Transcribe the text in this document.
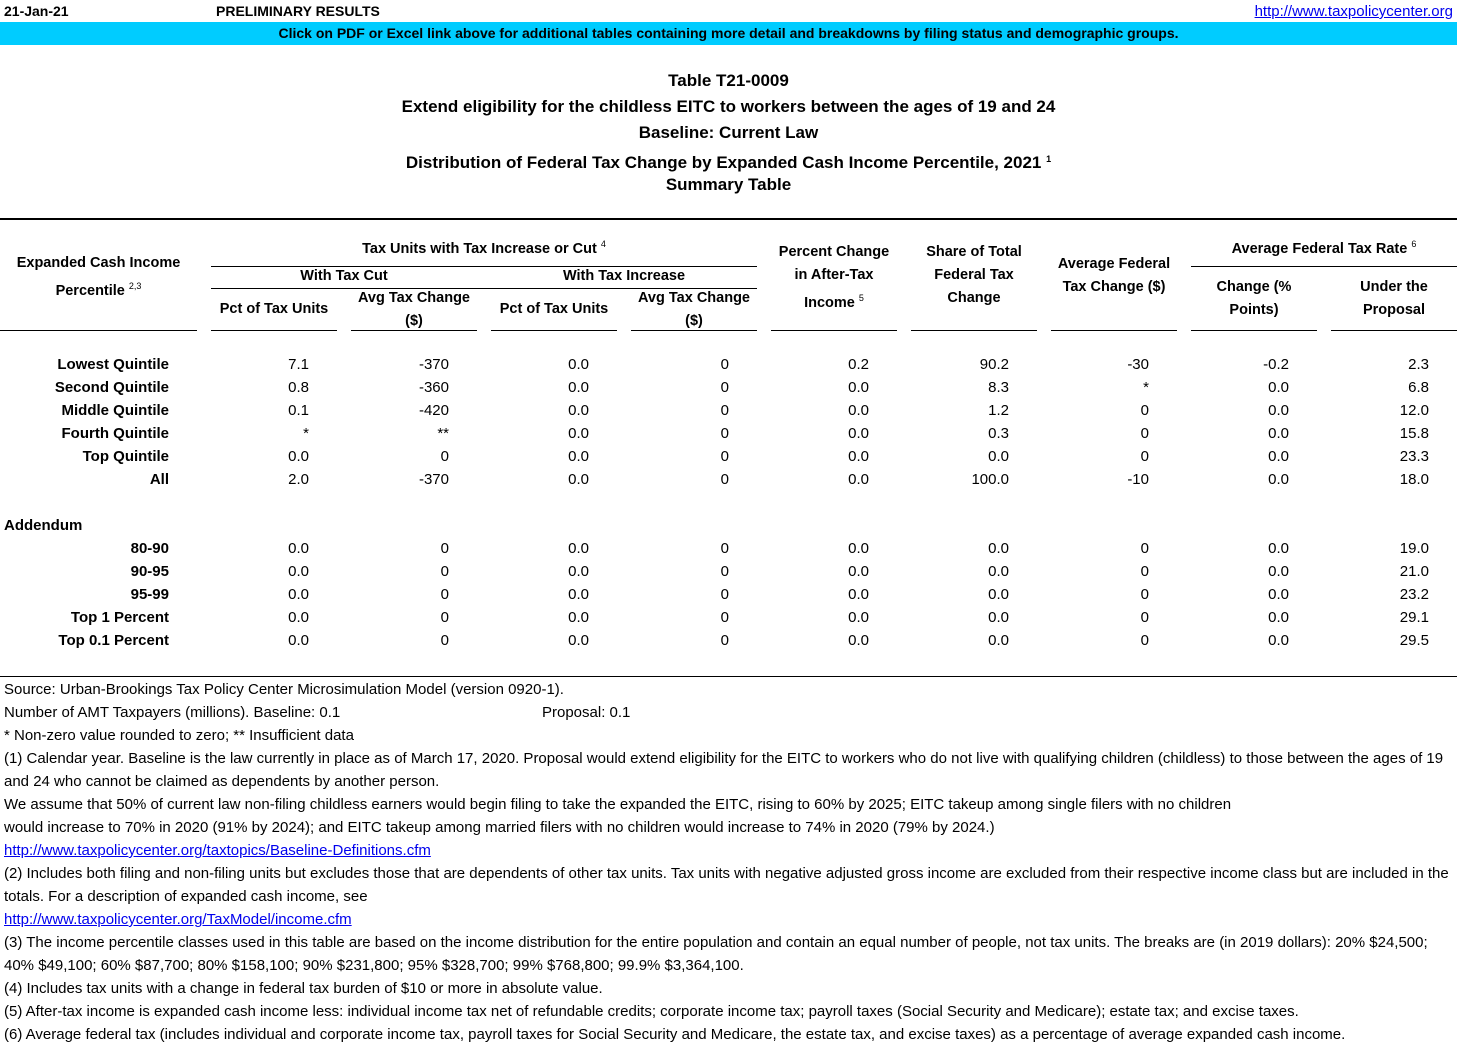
21-Jan-21	PRELIMINARY RESULTS	http://www.taxpolicycenter.org
Click on PDF or Excel link above for additional tables containing more detail and breakdowns by filing status and demographic groups.
Table T21-0009
Extend eligibility for the childless EITC to workers between the ages of 19 and 24
Baseline: Current Law
Distribution of Federal Tax Change by Expanded Cash Income Percentile, 2021 $^1$
Summary Table
Expanded Cash Income
Percentile $^{2,3}$
Tax Units with Tax Increase or Cut $^4$
With Tax Cut	With Tax Increase
Pct of Tax Units
Avg Tax Change
($)
Pct of Tax Units
Avg Tax Change
($)
Percent Change
in After-Tax
Income $^5$
Share of Total
Federal Tax
Change
Average Federal
Tax Change ($)
Average Federal Tax Rate $^6$
Change (%
Points)
Under the
Proposal
Lowest Quintile	7.1	-370	0.0	0	0.2	90.2	-30	-0.2	2.3
Second Quintile	0.8	-360	0.0	0	0.0	8.3	*	0.0	6.8
Middle Quintile	0.1	-420	0.0	0	0.0	1.2	0	0.0	12.0
Fourth Quintile	*	**	0.0	0	0.0	0.3	0	0.0	15.8
Top Quintile	0.0	0	0.0	0	0.0	0.0	0	0.0	23.3
All	2.0	-370	0.0	0	0.0	100.0	-10	0.0	18.0
80-90	0.0	0	0.0	0	0.0	0.0	0	0.0	19.0
90-95	0.0	0	0.0	0	0.0	0.0	0	0.0	21.0
95-99	0.0	0	0.0	0	0.0	0.0	0	0.0	23.2
Top 1 Percent	0.0	0	0.0	0	0.0	0.0	0	0.0	29.1
Top 0.1 Percent	0.0	0	0.0	0	0.0	0.0	0	0.0	29.5
Addendum
Source: Urban-Brookings Tax Policy Center Microsimulation Model (version 0920-1).
Number of AMT Taxpayers (millions). Baseline: 0.1	Proposal: 0.1
* Non-zero value rounded to zero; ** Insufficient data
(1) Calendar year. Baseline is the law currently in place as of March 17, 2020. Proposal would extend eligibility for the EITC to workers who do not live with qualifying children (childless) to those between the ages of 19 and 24 who cannot be claimed as dependents by another person.
We assume that 50% of current law non-filing childless earners would begin filing to take the expanded the EITC, rising to 60% by 2025; EITC takeup among single filers with no children
would increase to 70% in 2020 (91% by 2024); and EITC takeup among married filers with no children would increase to 74% in 2020 (79% by 2024.)
http://www.taxpolicycenter.org/taxtopics/Baseline-Definitions.cfm
(2) Includes both filing and non-filing units but excludes those that are dependents of other tax units. Tax units with negative adjusted gross income are excluded from their respective income class but are included in the totals. For a description of expanded cash income, see
http://www.taxpolicycenter.org/TaxModel/income.cfm
(3) The income percentile classes used in this table are based on the income distribution for the entire population and contain an equal number of people, not tax units. The breaks are (in 2019 dollars): 20% $24,500; 40% $49,100; 60% $87,700; 80% $158,100; 90% $231,800; 95% $328,700; 99% $768,800; 99.9% $3,364,100.
(4) Includes tax units with a change in federal tax burden of $10 or more in absolute value.
(5) After-tax income is expanded cash income less: individual income tax net of refundable credits; corporate income tax; payroll taxes (Social Security and Medicare); estate tax; and excise taxes.
(6) Average federal tax (includes individual and corporate income tax, payroll taxes for Social Security and Medicare, the estate tax, and excise taxes) as a percentage of average expanded cash income.
